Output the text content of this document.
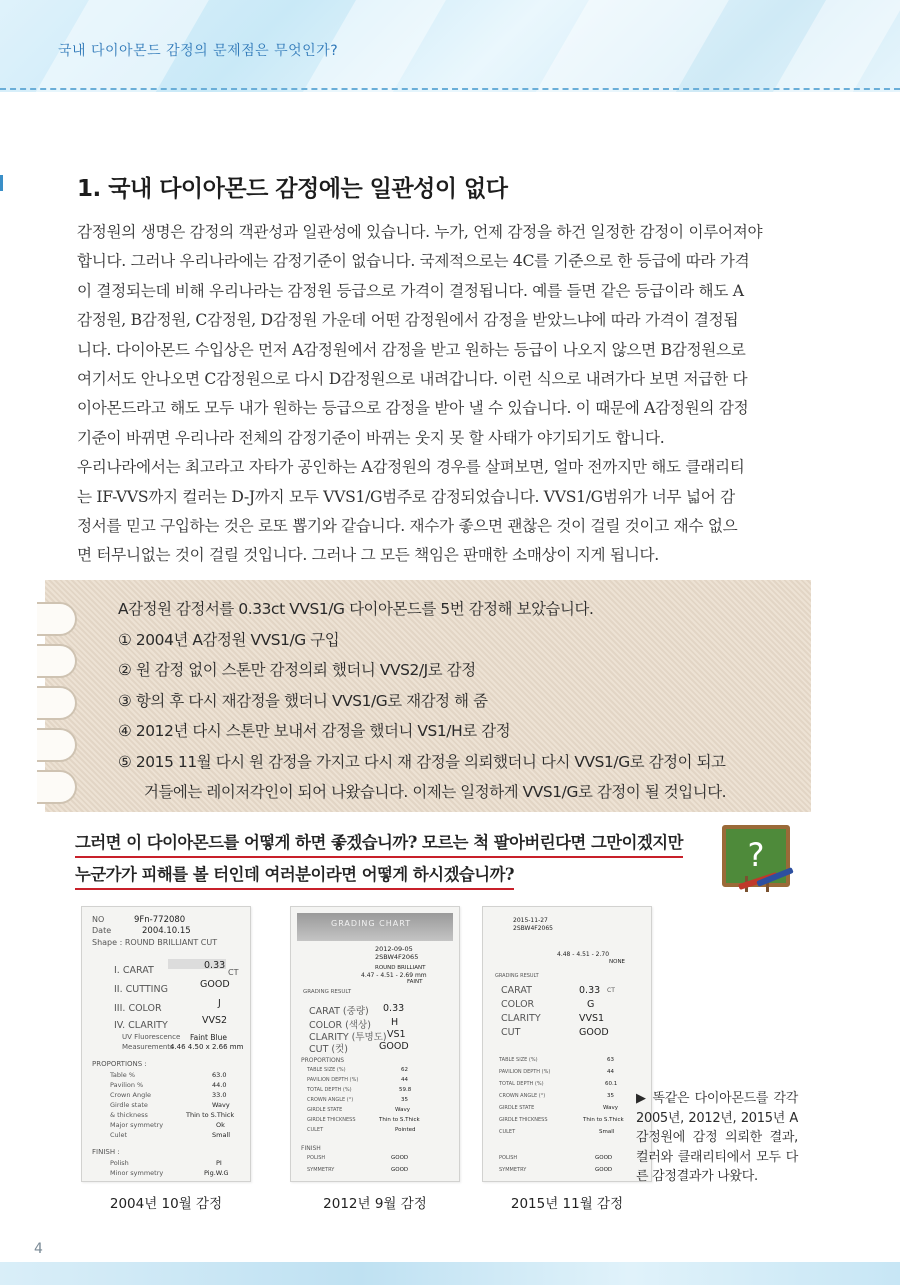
국내 다이아몬드 감정의 문제점은 무엇인가?
1. 국내 다이아몬드 감정에는 일관성이 없다

감정원의 생명은 감정의 객관성과 일관성에 있습니다. 누가, 언제 감정을 하건 일정한 감정이 이루어져야

합니다. 그러나 우리나라에는 감정기준이 없습니다. 국제적으로는 4C를 기준으로 한 등급에 따라 가격

이 결정되는데 비해 우리나라는 감정원 등급으로 가격이 결정됩니다. 예를 들면 같은 등급이라 해도 A

감정원, B감정원, C감정원, D감정원 가운데 어떤 감정원에서 감정을 받았느냐에 따라 가격이 결정됩

니다. 다이아몬드 수입상은 먼저 A감정원에서 감정을 받고 원하는 등급이 나오지 않으면 B감정원으로

여기서도 안나오면 C감정원으로 다시 D감정원으로 내려갑니다. 이런 식으로 내려가다 보면 저급한 다

이아몬드라고 해도 모두 내가 원하는 등급으로 감정을 받아 낼 수 있습니다. 이 때문에 A감정원의 감정

기준이 바뀌면 우리나라 전체의 감정기준이 바뀌는 웃지 못 할 사태가 야기되기도 합니다.

우리나라에서는 최고라고 자타가 공인하는 A감정원의 경우를 살펴보면, 얼마 전까지만 해도 클래리티

는 IF-VVS까지 컬러는 D-J까지 모두 VVS1/G범주로 감정되었습니다. VVS1/G범위가 너무 넓어 감

정서를 믿고 구입하는 것은 로또 뽑기와 같습니다. 재수가 좋으면 괜찮은 것이 걸릴 것이고 재수 없으

면 터무니없는 것이 걸릴 것입니다. 그러나 그 모든 책임은 판매한 소매상이 지게 됩니다.

A감정원 감정서를 0.33ct VVS1/G 다이아몬드를 5번 감정해 보았습니다.
① 2004년 A감정원 VVS1/G 구입
② 원 감정 없이 스톤만 감정의뢰 했더니 VVS2/J로 감정
③ 항의 후 다시 재감정을 했더니 VVS1/G로 재감정 해 줌
④ 2012년 다시 스톤만 보내서 감정을 했더니 VS1/H로 감정
⑤ 2015 11월 다시 원 감정을 가지고 다시 재 감정을 의뢰했더니 다시 VVS1/G로 감정이 되고
거들에는 레이저각인이 되어 나왔습니다. 이제는 일정하게 VVS1/G로 감정이 될 것입니다.
그러면 이 다이아몬드를 어떻게 하면 좋겠습니까? 모르는 척 팔아버린다면 그만이겠지만
누군가가 피해를 볼 터인데 여러분이라면 어떻게 하시겠습니까?
?
NO	9Fn-772080
Date	2004.10.15
Shape : ROUND BRILLIANT CUT
I. CARAT	0.33
CT
II. CUTTING	GOOD
III. COLOR	J
IV. CLARITY	VVS2
UV Fluorescence Faint Blue
Measurements
4.46 4.50 x 2.66 mm
PROPORTIONS :
Table %	63.0
Pavilion %	44.0
Crown Angle	33.0
Girdle state	Wavy
& thickness	Thin to S.Thick
Major symmetry	Ok
Culet	Small
FINISH :
Polish	PI
Minor symmetry	Pig.W.G
2004년 10월 감정
GRADING CHART
2012-09-05
2SBW4F2065
ROUND BRILLIANT
4.47 - 4.51 - 2.69 mm
FAINT
GRADING RESULT
CARAT (중량) 0.33
COLOR (색상) H
CLARITY (투명도) VS1
CUT (컷)	GOOD
PROPORTIONS
TABLE SIZE (%)	62
PAVILION DEPTH (%)	44
TOTAL DEPTH (%)	59.8
CROWN ANGLE (°)	35
GIRDLE STATE	Wavy
GIRDLE THICKNESS	Thin to S.Thick
CULET	Pointed
FINISH
POLISH	GOOD
SYMMETRY	GOOD
2012년 9월 감정
2015-11-27
2SBW4F2065
4.48 - 4.51 - 2.70
NONE
GRADING RESULT
CARAT	0.33 CT
COLOR	G
CLARITY	VVS1
CUT	GOOD
TABLE SIZE (%)	63
PAVILION DEPTH (%)	44
TOTAL DEPTH (%)	60.1
CROWN ANGLE (°)	35
GIRDLE STATE	Wavy
GIRDLE THICKNESS	Thin to S.Thick
CULET	Small
POLISH	GOOD
SYMMETRY	GOOD
2015년 11월 감정
▶ 똑같은 다이아몬드를 각각 2005년, 2012년, 2015년 A감정원에 감정 의뢰한 결과, 컬러와 클래리티에서 모두 다른 감정결과가 나왔다.
4
